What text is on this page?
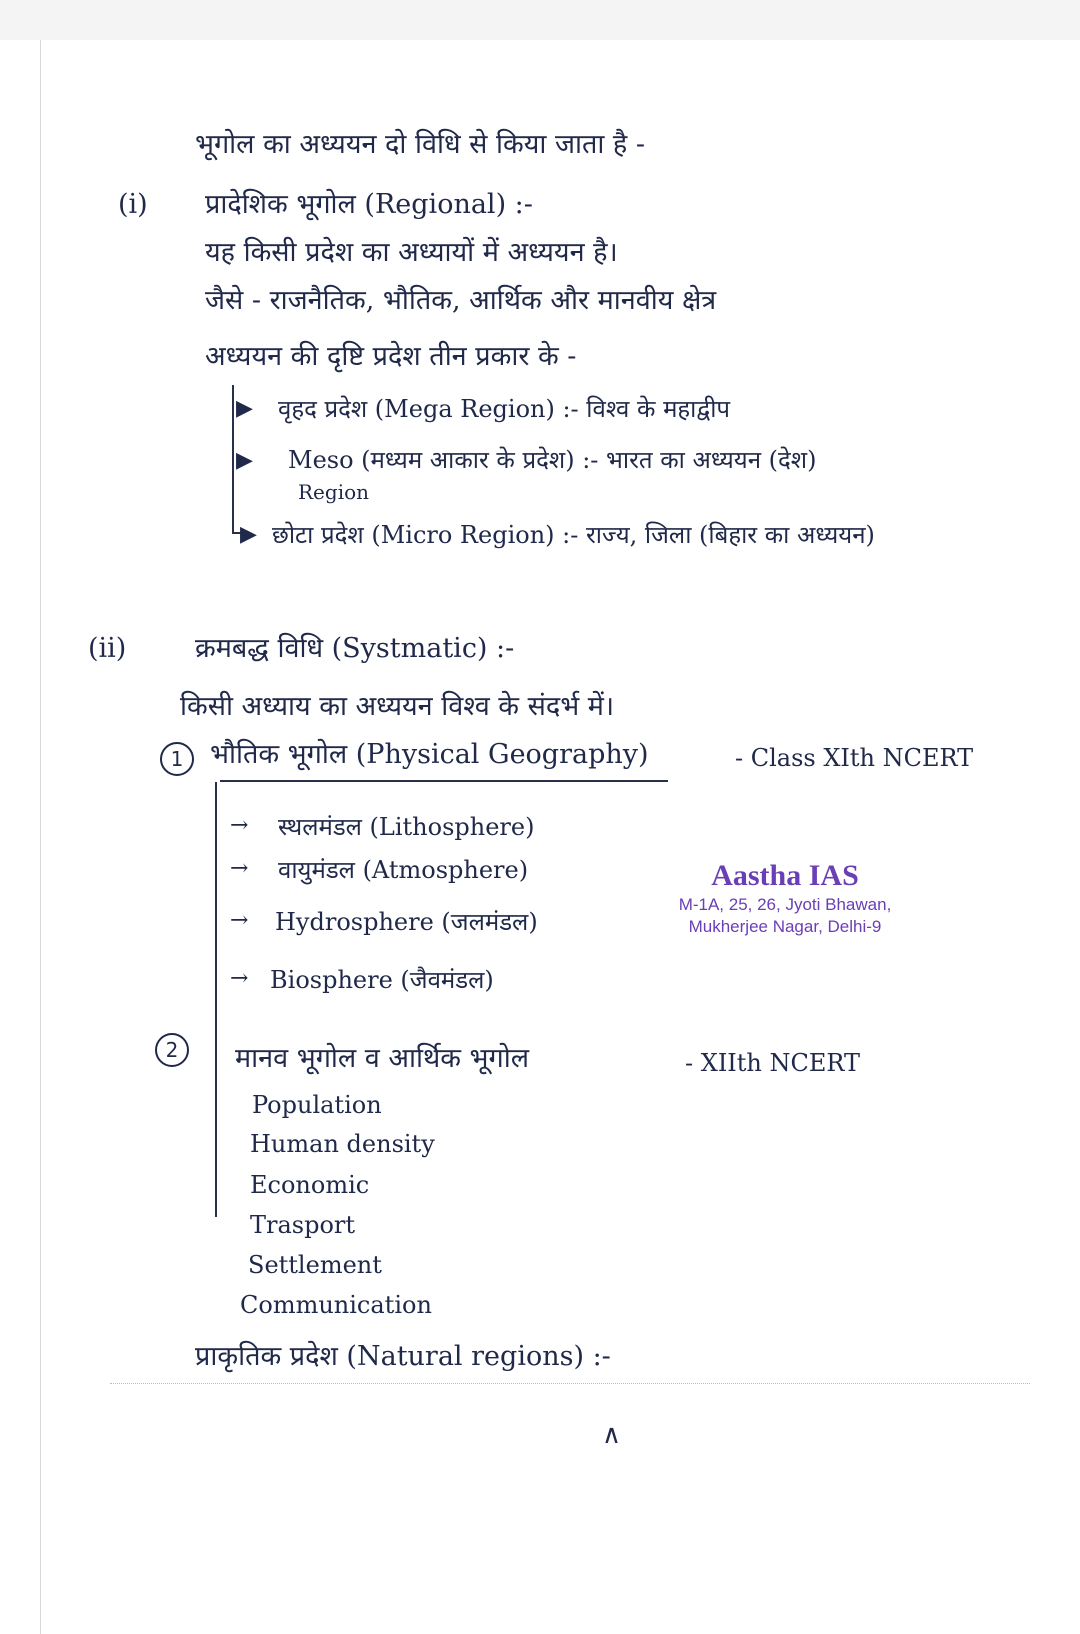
भूगोल का अध्ययन दो विधि से किया जाता है -
(i) प्रादेशिक भूगोल (Regional) :-
यह किसी प्रदेश का अध्यायों में अध्ययन है।
जैसे - राजनैतिक, भौतिक, आर्थिक और मानवीय क्षेत्र
अध्ययन की दृष्टि प्रदेश तीन प्रकार के -
▶ वृहद प्रदेश (Mega Region) :- विश्व के महाद्वीप
▶ Meso (मध्यम आकार के प्रदेश) :- भारत का अध्ययन (देश)
Region
▶ छोटा प्रदेश (Micro Region) :- राज्य, जिला (बिहार का अध्ययन)
(ii)	क्रमबद्ध विधि (Systmatic) :-
किसी अध्याय का अध्ययन विश्व के संदर्भ में।
1 भौतिक भूगोल (Physical Geography)	- Class XIth NCERT
→ स्थलमंडल (Lithosphere)
→ वायुमंडल (Atmosphere)
→ Hydrosphere (जलमंडल)
→ Biosphere (जैवमंडल)
2	मानव भूगोल व आर्थिक भूगोल	- XIIth NCERT
Population
Human density
Economic
Trasport
Settlement
Communication
प्राकृतिक प्रदेश (Natural regions) :-
∧
Aastha IAS
M-1A, 25, 26, Jyoti Bhawan,
Mukherjee Nagar, Delhi-9
